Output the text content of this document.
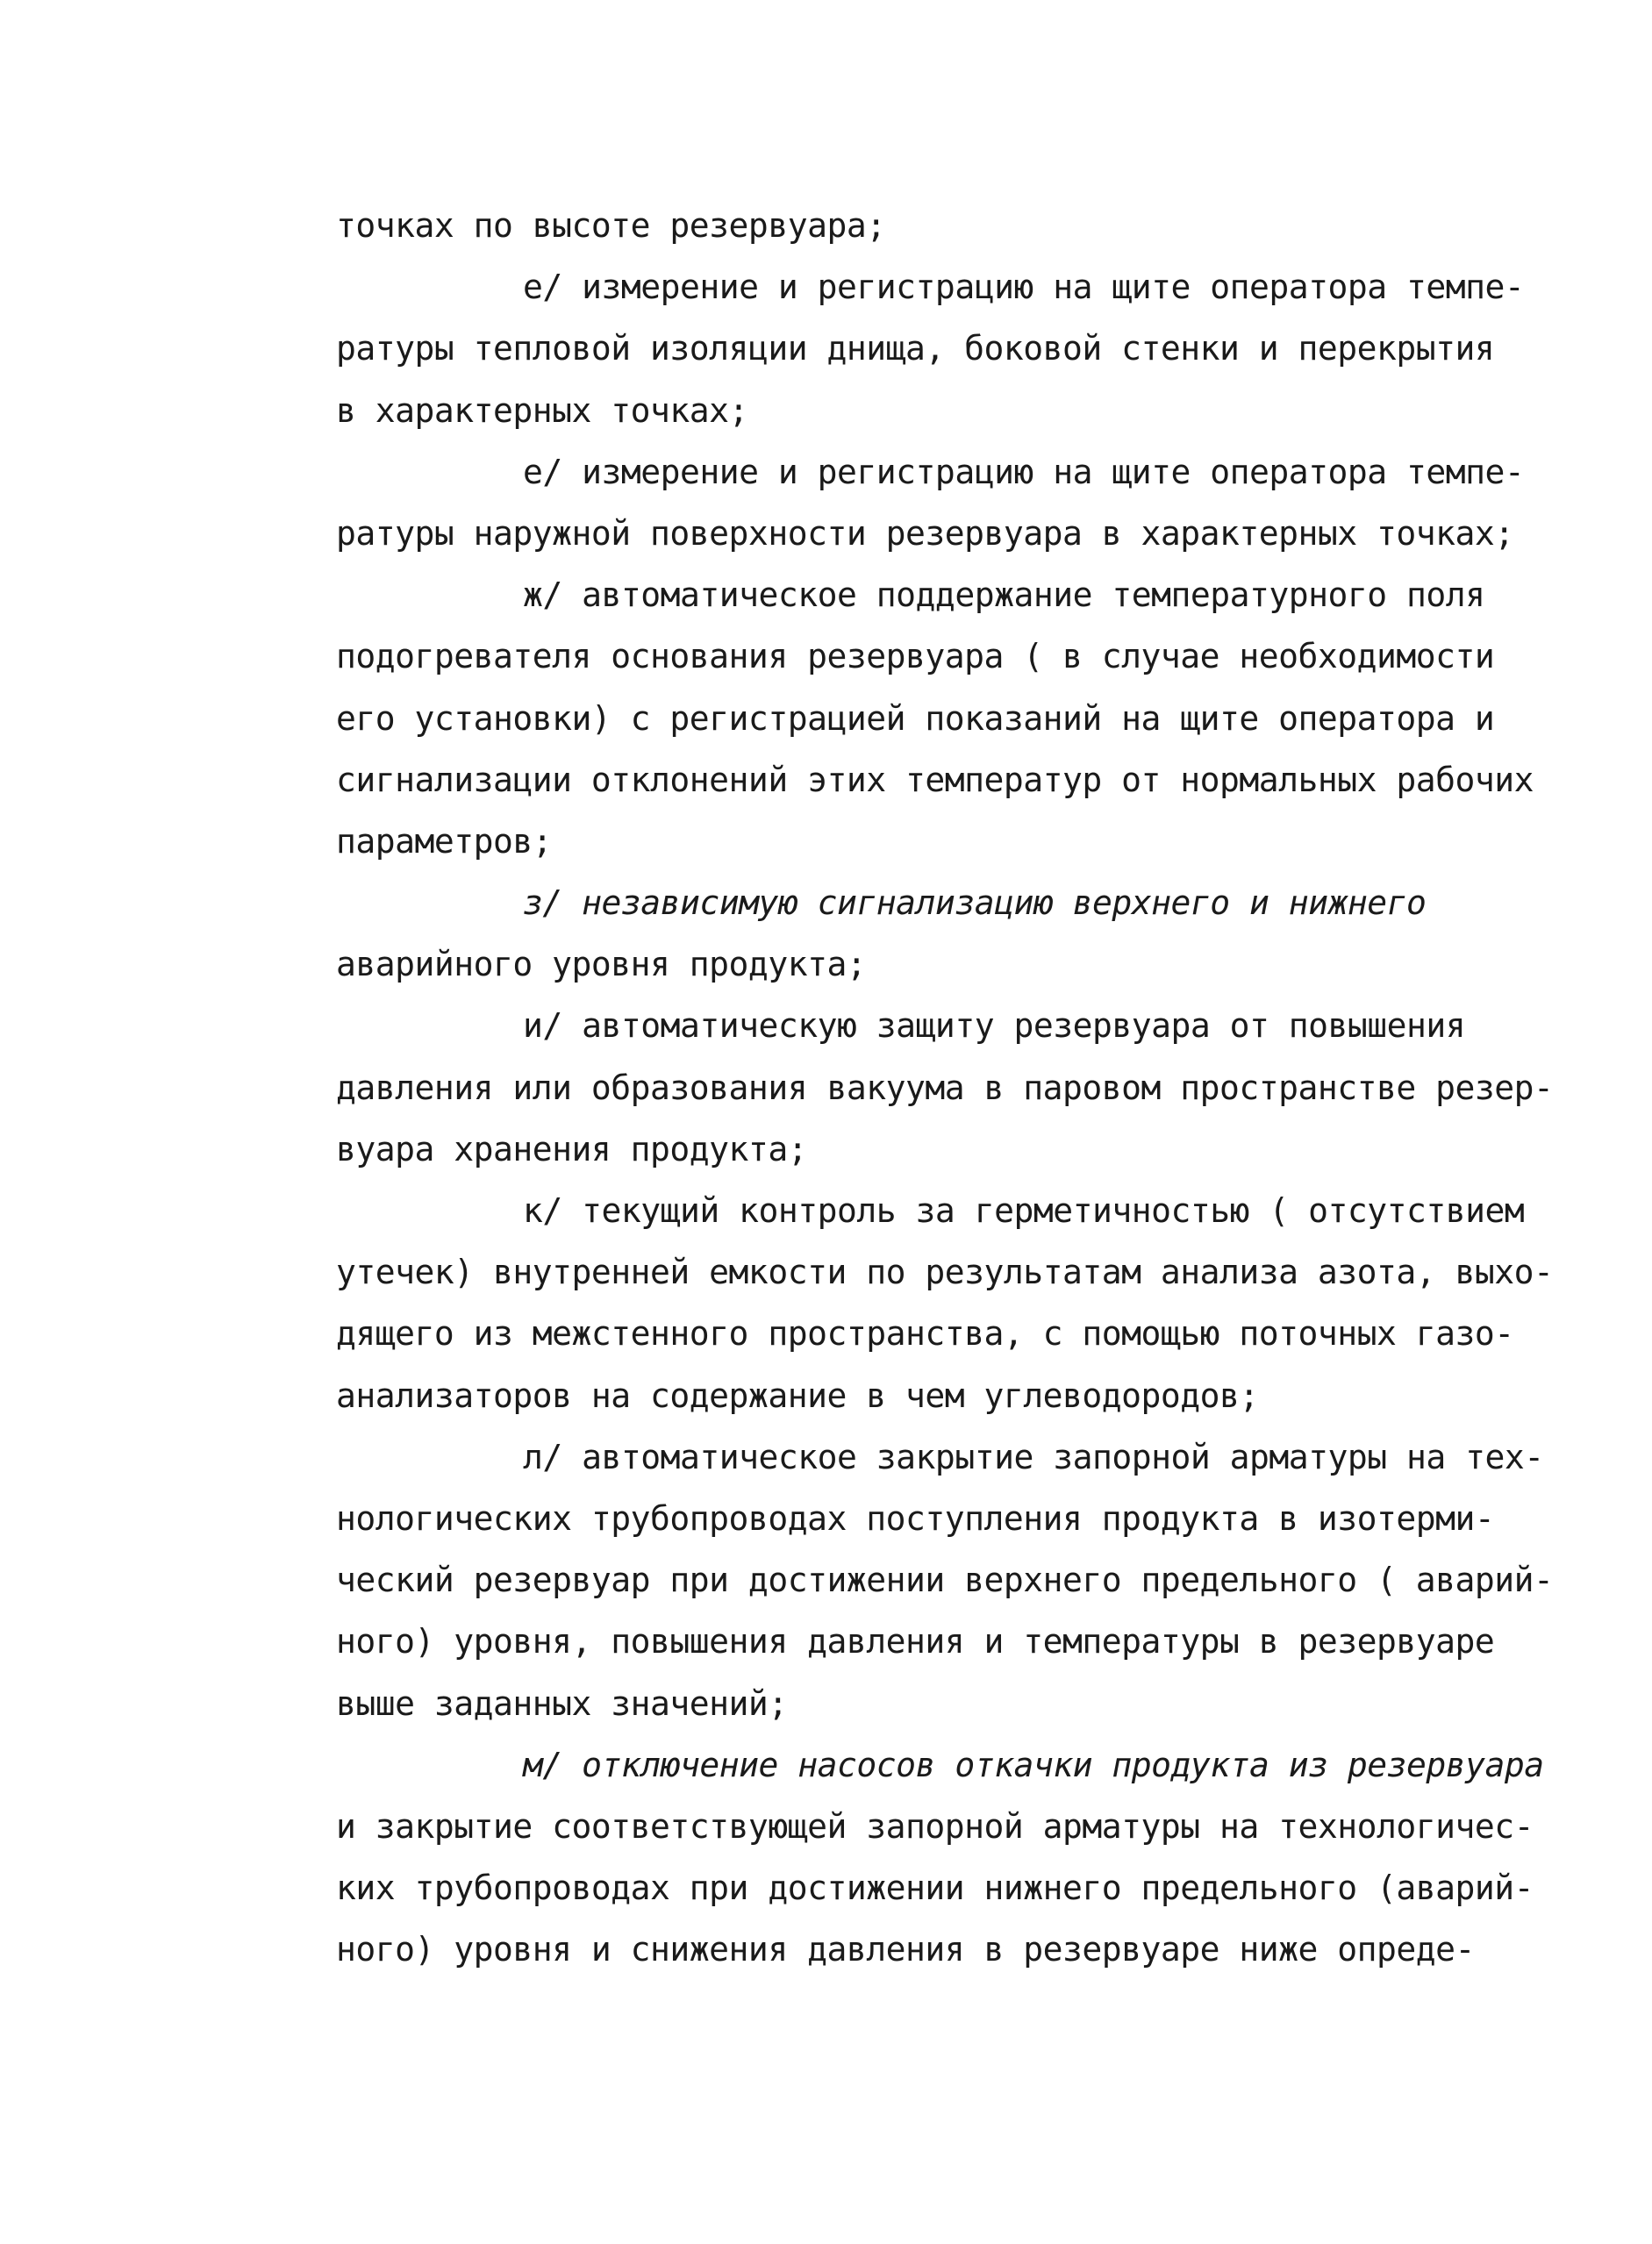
точках по высоте резервуара;
е/ измерение и регистрацию на щите оператора темпе-
ратуры тепловой изоляции днища, боковой стенки и перекрытия
в характерных точках;
е/ измерение и регистрацию на щите оператора темпе-
ратуры наружной поверхности резервуара в характерных точках;
ж/ автоматическое поддержание температурного поля
подогревателя основания резервуара ( в случае необходимости
его установки) с регистрацией показаний на щите оператора и
сигнализации отклонений этих температур от нормальных рабочих
параметров;
з/ независимую сигнализацию верхнего и нижнего
аварийного уровня продукта;
и/ автоматическую защиту резервуара от повышения
давления или образования вакуума в паровом пространстве резер-
вуара хранения продукта;
к/ текущий контроль за герметичностью ( отсутствием
утечек) внутренней емкости по результатам анализа азота, выхо-
дящего из межстенного пространства, с помощью поточных газо-
анализаторов на содержание в чем углеводородов;
л/ автоматическое закрытие запорной арматуры на тех-
нологических трубопроводах поступления продукта в изотерми-
ческий резервуар при достижении верхнего предельного ( аварий-
ного) уровня, повышения давления и температуры в резервуаре
выше заданных значений;
м/ отключение насосов откачки продукта из резервуара
и закрытие соответствующей запорной арматуры на технологичес-
ких трубопроводах при достижении нижнего предельного (аварий-
ного) уровня и снижения давления в резервуаре ниже опреде-
